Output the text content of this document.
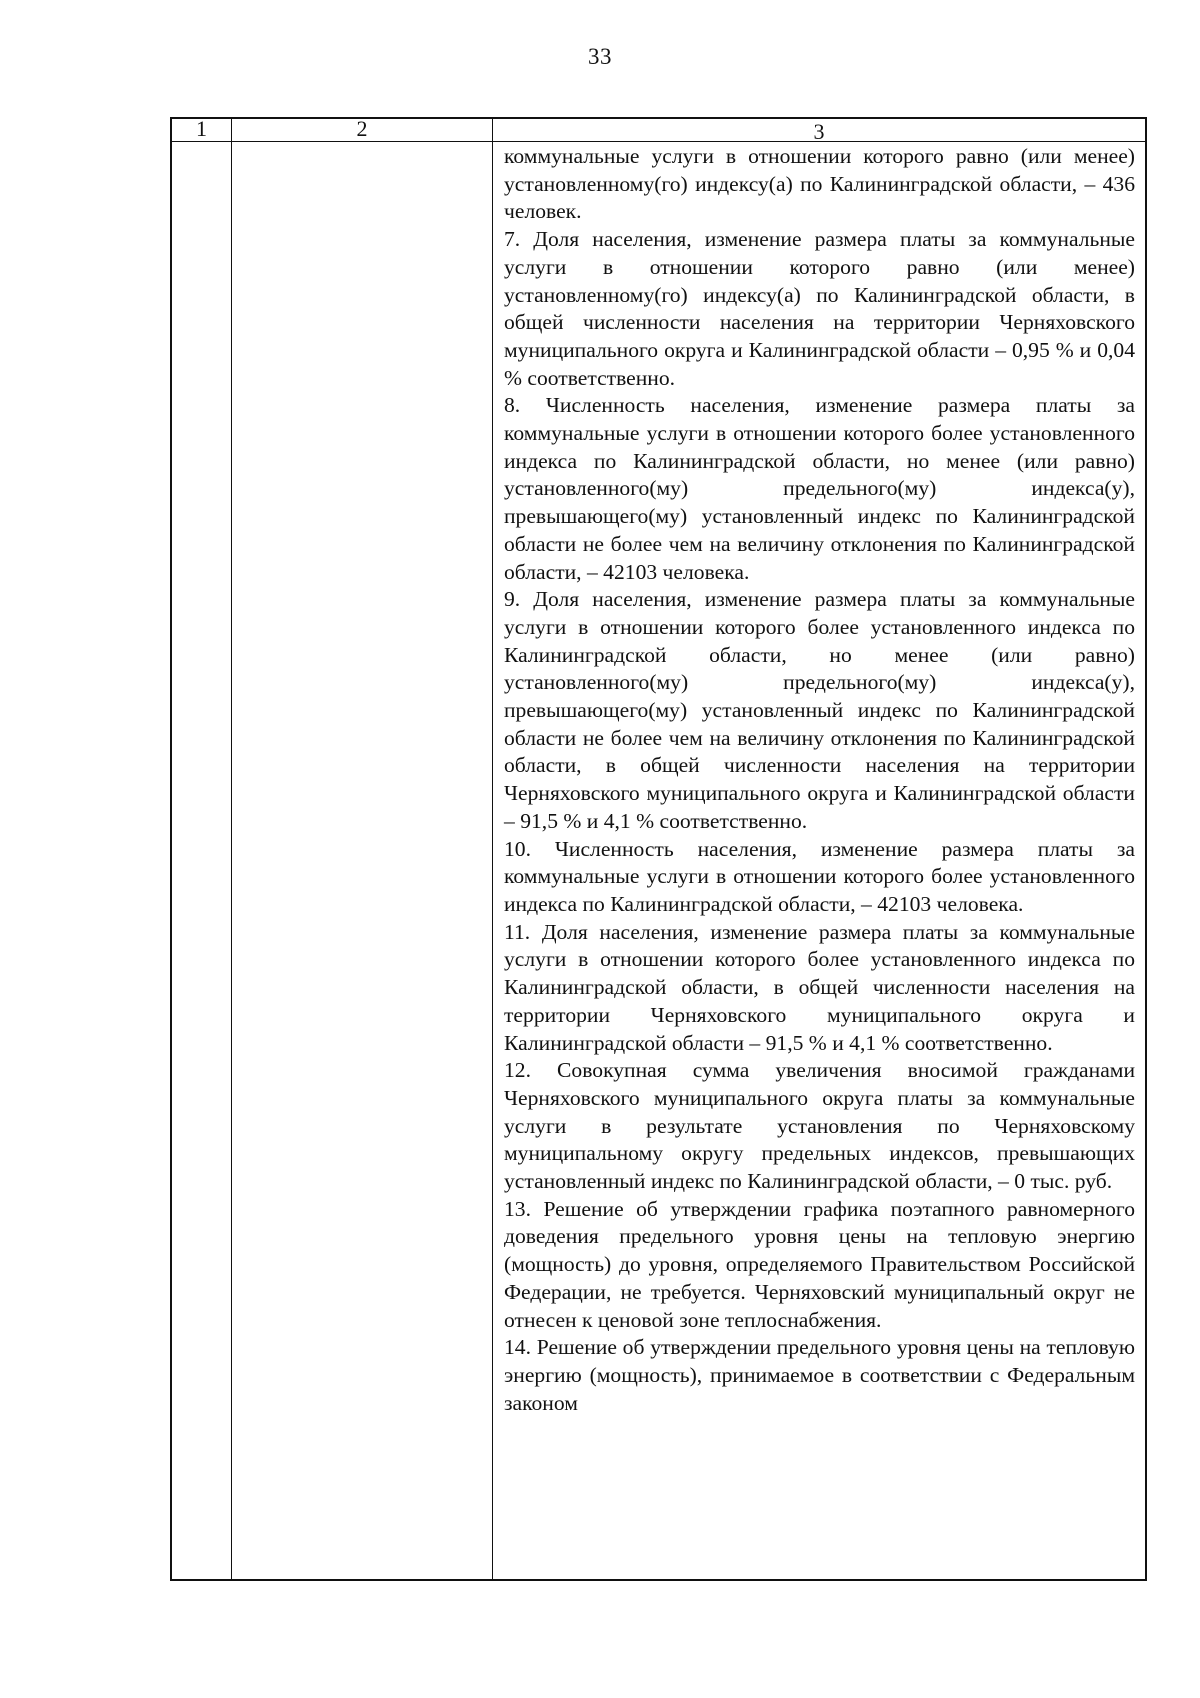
33
1	2	3

коммунальные услуги в отношении которого равно (или менее) установленному(го) индексу(а) по Калининградской области, – 436 человек.

7. Доля населения, изменение размера платы за коммунальные услуги в отношении которого равно (или менее) установленному(го) индексу(а) по Калининградской области, в общей численности населения на территории Черняховского муниципального округа и Калининградской области – 0,95 % и 0,04 % соответственно.

8. Численность населения, изменение размера платы за коммунальные услуги в отношении которого более установленного индекса по Калининградской области, но менее (или равно) установленного(му) предельного(му) индекса(у), превышающего(му) установленный индекс по Калининградской области не более чем на величину отклонения по Калининградской области, – 42103 человека.

9. Доля населения, изменение размера платы за коммунальные услуги в отношении которого более установленного индекса по Калининградской области, но менее (или равно) установленного(му) предельного(му) индекса(у), превышающего(му) установленный индекс по Калининградской области не более чем на величину отклонения по Калининградской области, в общей численности населения на территории Черняховского муниципального округа и Калининградской области – 91,5 % и 4,1 % соответственно.

10. Численность населения, изменение размера платы за коммунальные услуги в отношении которого более установленного индекса по Калининградской области, – 42103 человека.

11. Доля населения, изменение размера платы за коммунальные услуги в отношении которого более установленного индекса по Калининградской области, в общей численности населения на территории Черняховского муниципального округа и Калининградской области – 91,5 % и 4,1 % соответственно.

12. Совокупная сумма увеличения вносимой гражданами Черняховского муниципального округа платы за коммунальные услуги в результате установления по Черняховскому муниципальному округу предельных индексов, превышающих установленный индекс по Калининградской области, – 0 тыс. руб.

13. Решение об утверждении графика поэтапного равномерного доведения предельного уровня цены на тепловую энергию (мощность) до уровня, определяемого Правительством Российской Федерации, не требуется. Черняховский муниципальный округ не отнесен к ценовой зоне теплоснабжения.

14. Решение об утверждении предельного уровня цены на тепловую энергию (мощность), принимаемое в соответствии с Федеральным законом
